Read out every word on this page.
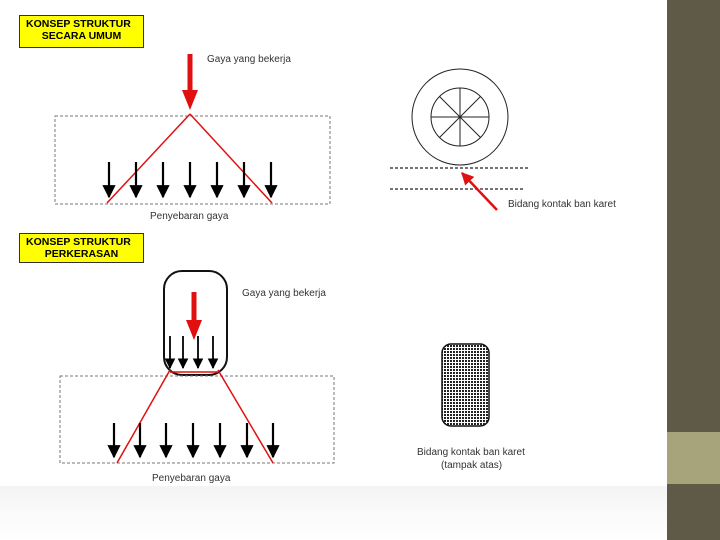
KONSEP STRUKTUR
SECARA UMUM
KONSEP STRUKTUR
PERKERASAN
Gaya yang bekerja
Penyebaran gaya
Bidang kontak ban karet
Gaya yang bekerja
Penyebaran gaya
Bidang kontak ban karet
(tampak atas)
